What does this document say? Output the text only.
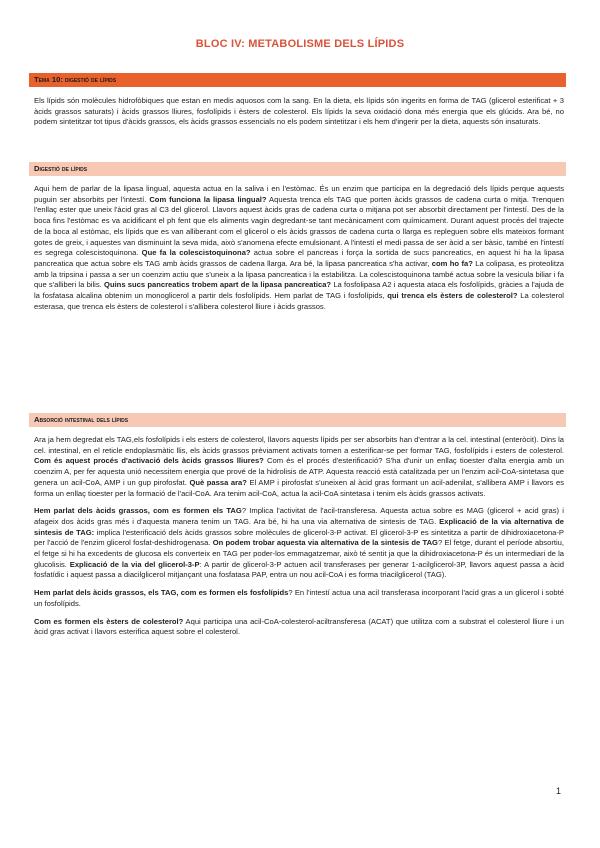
BLOC IV: METABOLISME DELS LÍPIDS
Tema 10: digestió de lípids

Els lípids són molècules hidrofòbiques que estan en medis aquosos com la sang. En la dieta, els lípids són ingerits en forma de TAG (glicerol esterificat + 3 àcids grassos saturats) i àcids grassos lliures, fosfolípids i èsters de colesterol. Els lípids la seva oxidació dona més energia que els glúcids. Ara bé, no podem sintetitzar tot tipus d'àcids grassos, els àcids grassos essencials no els podem sintetitzar i els hem d'ingerir per la dieta, aquests són insaturats.

Digestió de lípids

Aqui hem de parlar de la lipasa lingual, aquesta actua en la saliva i en l'estòmac. És un enzim que participa en la degredació dels lípids perque aquests puguin ser absorbits per l'intestí. Com funciona la lipasa lingual? Aquesta trenca els TAG que porten àcids grassos de cadena curta o mitja. Trenquen l'enllaç ester que uneix l'àcid gras al C3 del glicerol. Llavors aquest àcids gras de cadena curta o mitjana pot ser absorbit directament per l'intestí. Des de la boca fins l'estòmac es va acidificant el ph fent que els aliments vagin degredant-se tant mecànicament com químicament. Durant aquest procés del trajecte de la boca al estòmac, els lípids que es van alliberant com el glicerol o els àcids grassos de cadena curta o llarga es repleguen sobre ells mateixos formant gotes de greix, i aquestes van disminuint la seva mida, això s'anomena efecte emulsionant. A l'intestí el medi passa de ser àcid a ser bàsic, també en l'intestí es segrega colescistoquinona. Que fa la colescistoquinona? actua sobre el pancreas i força la sortida de sucs pancreatics, en aquest hi ha la lipasa pancreatica que actua sobre els TAG amb àcids grassos de cadena llarga. Ara bé, la lipasa pancreatica s'ha activar, com ho fa? La colipasa, es proteolitza amb la tripsina i passa a ser un coenzim actiu que s'uneix a la lipasa pancreatica i la estabilitza. La colescistoquinona també actua sobre la vesicula biliar i fa que s'alliberi la bilis. Quins sucs pancreatics trobem apart de la lipasa pancreatica? La fosfolipasa A2 i aquesta ataca els fosfolípids, gràcies a l'ajuda de la fosfatasa alcalina obtenim un monoglicerol a partir dels fosfolípids. Hem parlat de TAG i fosfolípids, qui trenca els èsters de colesterol? La colesterol esterasa, que trenca els èsters de colesterol i s'allibera colesterol lliure i àcids grassos.

Absorció intestinal dels lípids

Ara ja hem degredat els TAG,els fosfolípids i els esters de colesterol, llavors aquests lípids per ser absorbits han d'entrar a la cel. intestinal (enteròcit). Dins la cel. intestinal, en el reticle endoplasmàtic llis, els àcids grassos prèviament activats tornen a esterificar-se per formar TAG, fosfolípids i esters de colesterol. Com és aquest procés d'activació dels àcids grassos lliures? Com és el procés d'esterificació? S'ha d'unir un enllaç tioester d'alta energia amb un coenzim A, per fer aquesta unió necessitem energia que prové de la hidrolisis de ATP. Aquesta reacció està catalitzada per un l'enzim acil-CoA-sintetasa que genera un acil-CoA, AMP i un gup pirofosfat. Què passa ara? El AMP i pirofosfat s'uneixen al àcid gras formant un acil-adenilat, s'allibera AMP i llavors es forma un enllaç tioester per la formació de l'acil-CoA. Ara tenim acil-CoA, actua la acil-CoA sintetasa i tenim els àcids grassos activats.

Hem parlat dels àcids grassos, com es formen els TAG? Implica l'activitat de l'acil-transferesa. Aquesta actua sobre es MAG (glicerol + acid gras) i afageix dos àcids gras més i d'aquesta manera tenim un TAG. Ara bé, hi ha una via alternativa de sintesis de TAG. Explicació de la via alternativa de sintesis de TAG: implica l'esterificació dels àcids grassos sobre molècules de glicerol-3-P activat. El glicerol-3-P es sintetitza a partir de dihidroxiacetona-P per l'acció de l'enzim glicerol fosfat-deshidrogenasa. On podem trobar aquesta via alternativa de la sintesis de TAG? El fetge, durant el període absortiu, el fetge si hi ha excedents de glucosa els converteix en TAG per poder-los emmagatzemar, això té sentit ja que la dihidroxiacetona-P és un intermediari de la glucolisis. Explicació de la via del glicerol-3-P: A partir de glicerol-3-P actuen acil transferases per generar 1-acilglicerol-3P, llavors aquest passa a àcid fosfatídic i aquest passa a diacilglicerol mitjançant una fosfatasa PAP, entra un nou acil-CoA i es forma triacilglicerol (TAG).

Hem parlat dels àcids grassos, els TAG, com es formen els fosfolípids? En l'intestí actua una acil transferasa incorporant l'acid gras a un glicerol i sobté un fosfolípids.

Com es formen els èsters de colesterol? Aqui participa una acil-CoA-colesterol-aciltransferesa (ACAT) que utilitza com a substrat el colesterol lliure i un àcid gras activat i llavors esterifica aquest sobre el colesterol.

1
